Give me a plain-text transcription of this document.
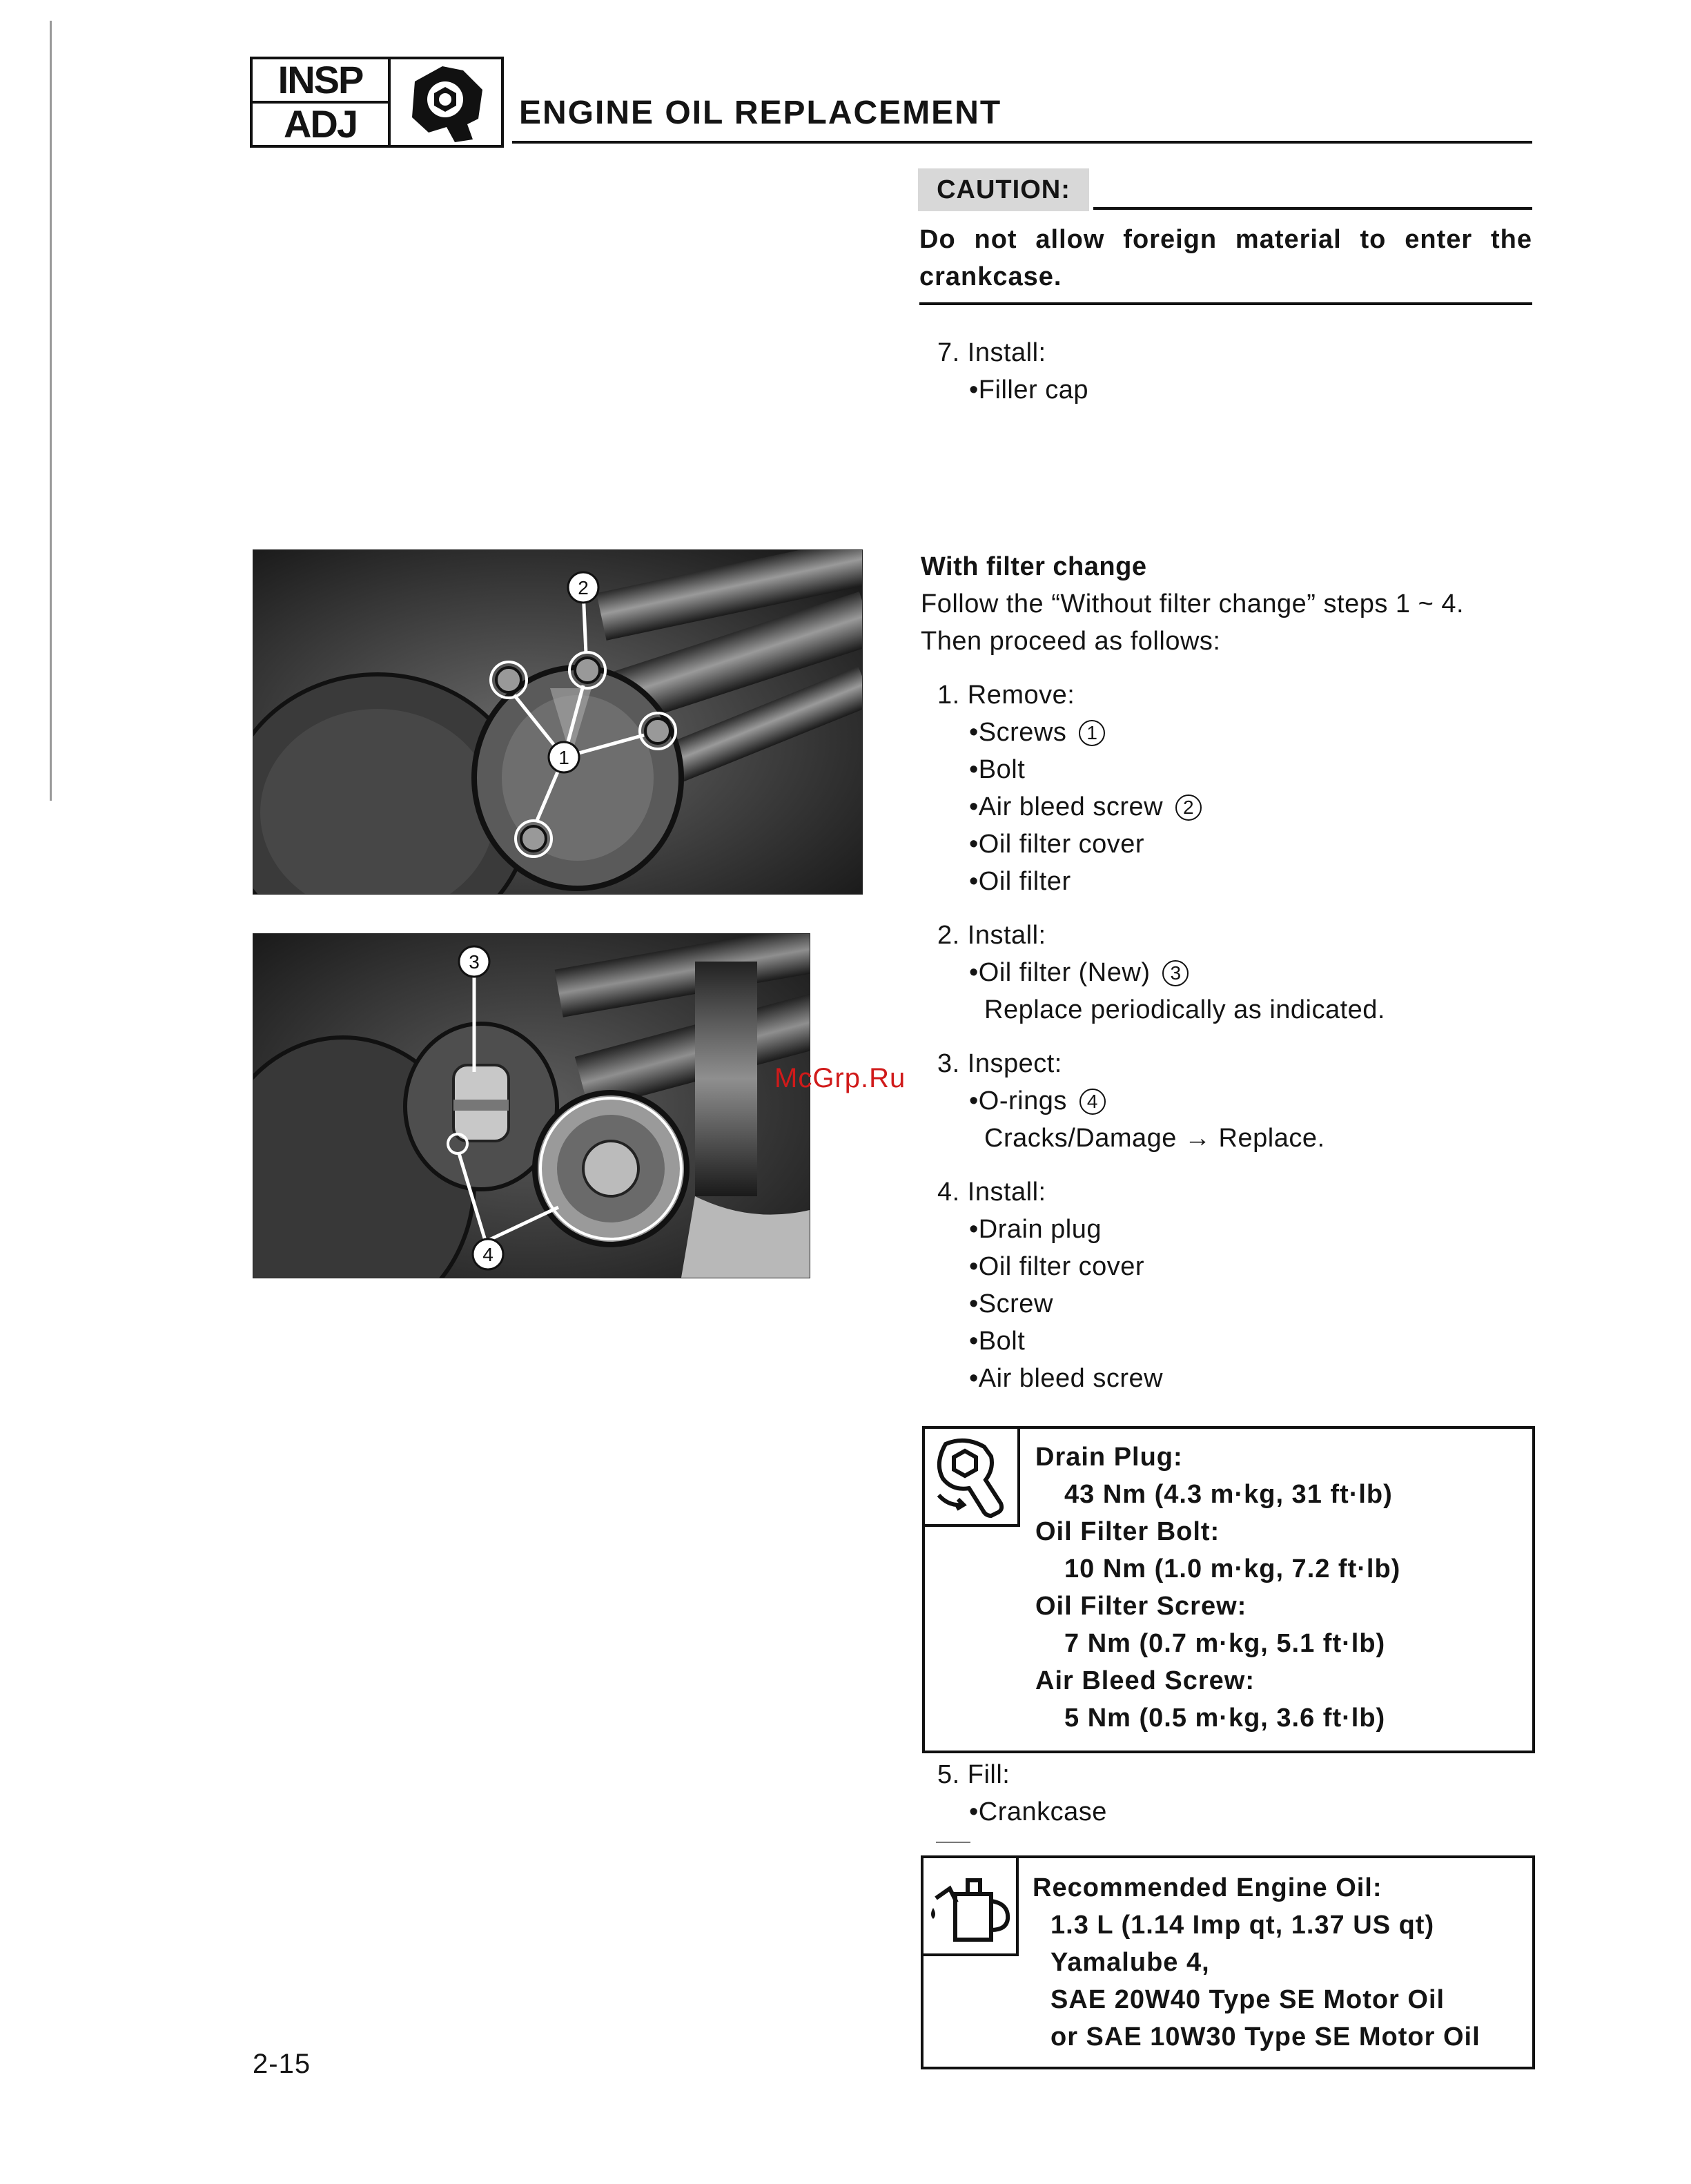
INSP
ADJ	ENGINE OIL REPLACEMENT
CAUTION:
Do not allow foreign material to enter the crankcase.
7. Install:
•Filler cap
With filter change
Follow the “Without filter change” steps 1 ~ 4.
Then proceed as follows:
1. Remove:
•Screws 1
•Bolt
•Air bleed screw 2
•Oil filter cover
•Oil filter
2. Install:
•Oil filter (New) 3
Replace periodically as indicated.
3. Inspect:
•O-rings 4
Cracks/Damage → Replace.
4. Install:
•Drain plug
•Oil filter cover
•Screw
•Bolt
•Air bleed screw
Drain Plug:
43 Nm (4.3 m·kg, 31 ft·lb)
Oil Filter Bolt:
10 Nm (1.0 m·kg, 7.2 ft·lb)
Oil Filter Screw:
7 Nm (0.7 m·kg, 5.1 ft·lb)
Air Bleed Screw:
5 Nm (0.5 m·kg, 3.6 ft·lb)
5. Fill:
•Crankcase
Recommended Engine Oil:
1.3 L (1.14 Imp qt, 1.37 US qt)
Yamalube 4,
SAE 20W40 Type SE Motor Oil
or SAE 10W30 Type SE Motor Oil
1
2
3
4
McGrp.Ru
2-15
